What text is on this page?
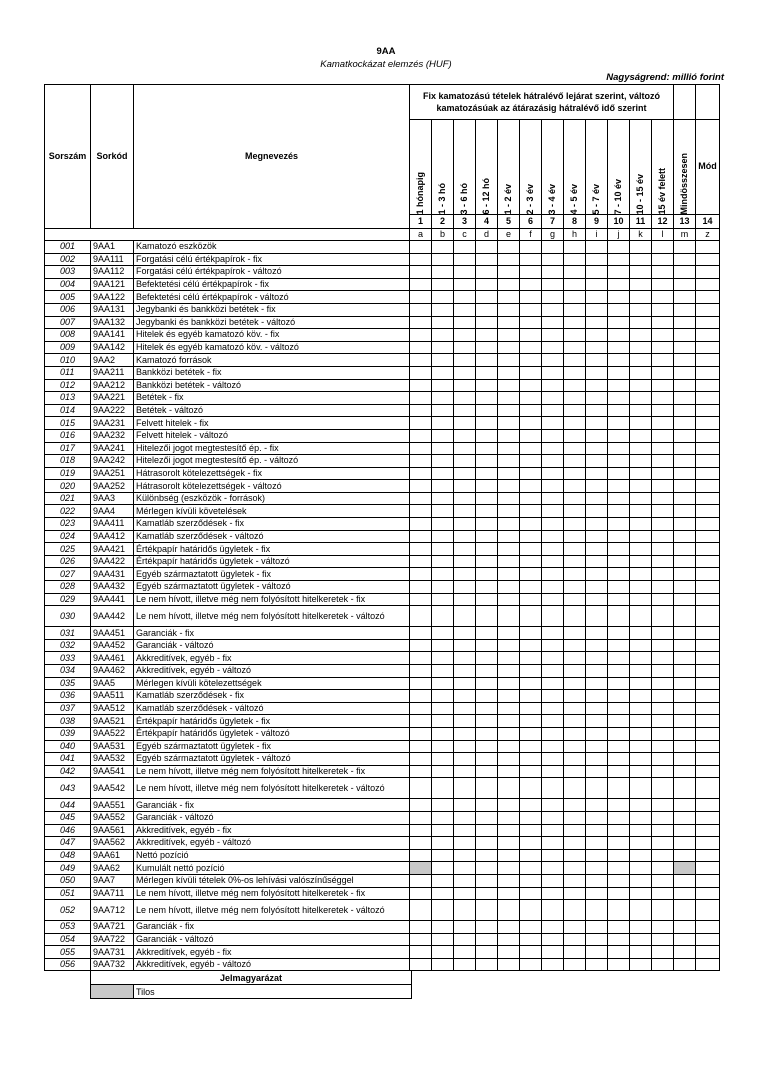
9AA
Kamatkockázat elemzés (HUF)
Nagyságrend: millió forint
Sorszám	Sorkód	Megnevezés	Fix kamatozású tételek hátralévő lejárat szerint, változó kamatozásúak az átárazásig hátralévő idő szerint													

			1 hónapig	1 - 3 hó	3 - 6 hó	6 - 12 hó	1 - 2 év	2 - 3 év	3 - 4 év	4 - 5 év	5 - 7 év	7 - 10 év	10 - 15 év	15 év felett	Mindösszesen	Mód
			1	2	3	4	5	6	7	8	9	10	11	12	13	14
			a	b	c	d	e	f	g	h	i	j	k	l	m	z
001	9AA1	Kamatozó eszközök														
002	9AA111	Forgatási célú értékpapírok - fix														
003	9AA112	Forgatási célú értékpapírok - változó														
004	9AA121	Befektetési célú értékpapírok - fix														
005	9AA122	Befektetési célú értékpapírok - változó														
006	9AA131	Jegybanki és bankközi betétek - fix														
007	9AA132	Jegybanki és bankközi betétek - változó														
008	9AA141	Hitelek és egyéb kamatozó köv. - fix														
009	9AA142	Hitelek és egyéb kamatozó köv. - változó														
010	9AA2	Kamatozó források														
011	9AA211	Bankközi betétek - fix														
012	9AA212	Bankközi betétek - változó														
013	9AA221	Betétek - fix														
014	9AA222	Betétek - változó														
015	9AA231	Felvett hitelek - fix														
016	9AA232	Felvett hitelek - változó														
017	9AA241	Hitelezői jogot megtestesítő ép. - fix														
018	9AA242	Hitelezői jogot megtestesítő ép. - változó														
019	9AA251	Hátrasorolt kötelezettségek - fix														
020	9AA252	Hátrasorolt kötelezettségek - változó														
021	9AA3	Különbség (eszközök - források)														
022	9AA4	Mérlegen kívüli követelések														
023	9AA411	Kamatláb szerződések - fix														
024	9AA412	Kamatláb szerződések - változó														
025	9AA421	Értékpapír határidős ügyletek - fix														
026	9AA422	Értékpapír határidős ügyletek - változó														
027	9AA431	Egyéb származtatott ügyletek - fix														
028	9AA432	Egyéb származtatott ügyletek - változó														
029	9AA441	Le nem hívott, illetve még nem folyósított hitelkeretek - fix														
030	9AA442	Le nem hívott, illetve még nem folyósított hitelkeretek - változó														
031	9AA451	Garanciák - fix														
032	9AA452	Garanciák - változó														
033	9AA461	Akkreditívek, egyéb - fix														
034	9AA462	Akkreditívek, egyéb - változó														
035	9AA5	Mérlegen kívüli kötelezettségek														
036	9AA511	Kamatláb szerződések - fix														
037	9AA512	Kamatláb szerződések - változó														
038	9AA521	Értékpapír határidős ügyletek - fix														
039	9AA522	Értékpapír határidős ügyletek - változó														
040	9AA531	Egyéb származtatott ügyletek - fix														
041	9AA532	Egyéb származtatott ügyletek - változó														
042	9AA541	Le nem hívott, illetve még nem folyósított hitelkeretek - fix														
043	9AA542	Le nem hívott, illetve még nem folyósított hitelkeretek - változó														
044	9AA551	Garanciák - fix														
045	9AA552	Garanciák - változó														
046	9AA561	Akkreditívek, egyéb - fix														
047	9AA562	Akkreditívek, egyéb - változó														
048	9AA61	Nettó pozíció														
049	9AA62	Kumulált nettó pozíció														
050	9AA7	Mérlegen kívüli tételek 0%-os lehívási valószínűséggel														
051	9AA711	Le nem hívott, illetve még nem folyósított hitelkeretek - fix														
052	9AA712	Le nem hívott, illetve még nem folyósított hitelkeretek - változó														
053	9AA721	Garanciák - fix														
054	9AA722	Garanciák - változó														
055	9AA731	Akkreditívek, egyéb - fix														
056	9AA732	Akkreditívek, egyéb - változó														
Jelmagyarázat
	Tilos
